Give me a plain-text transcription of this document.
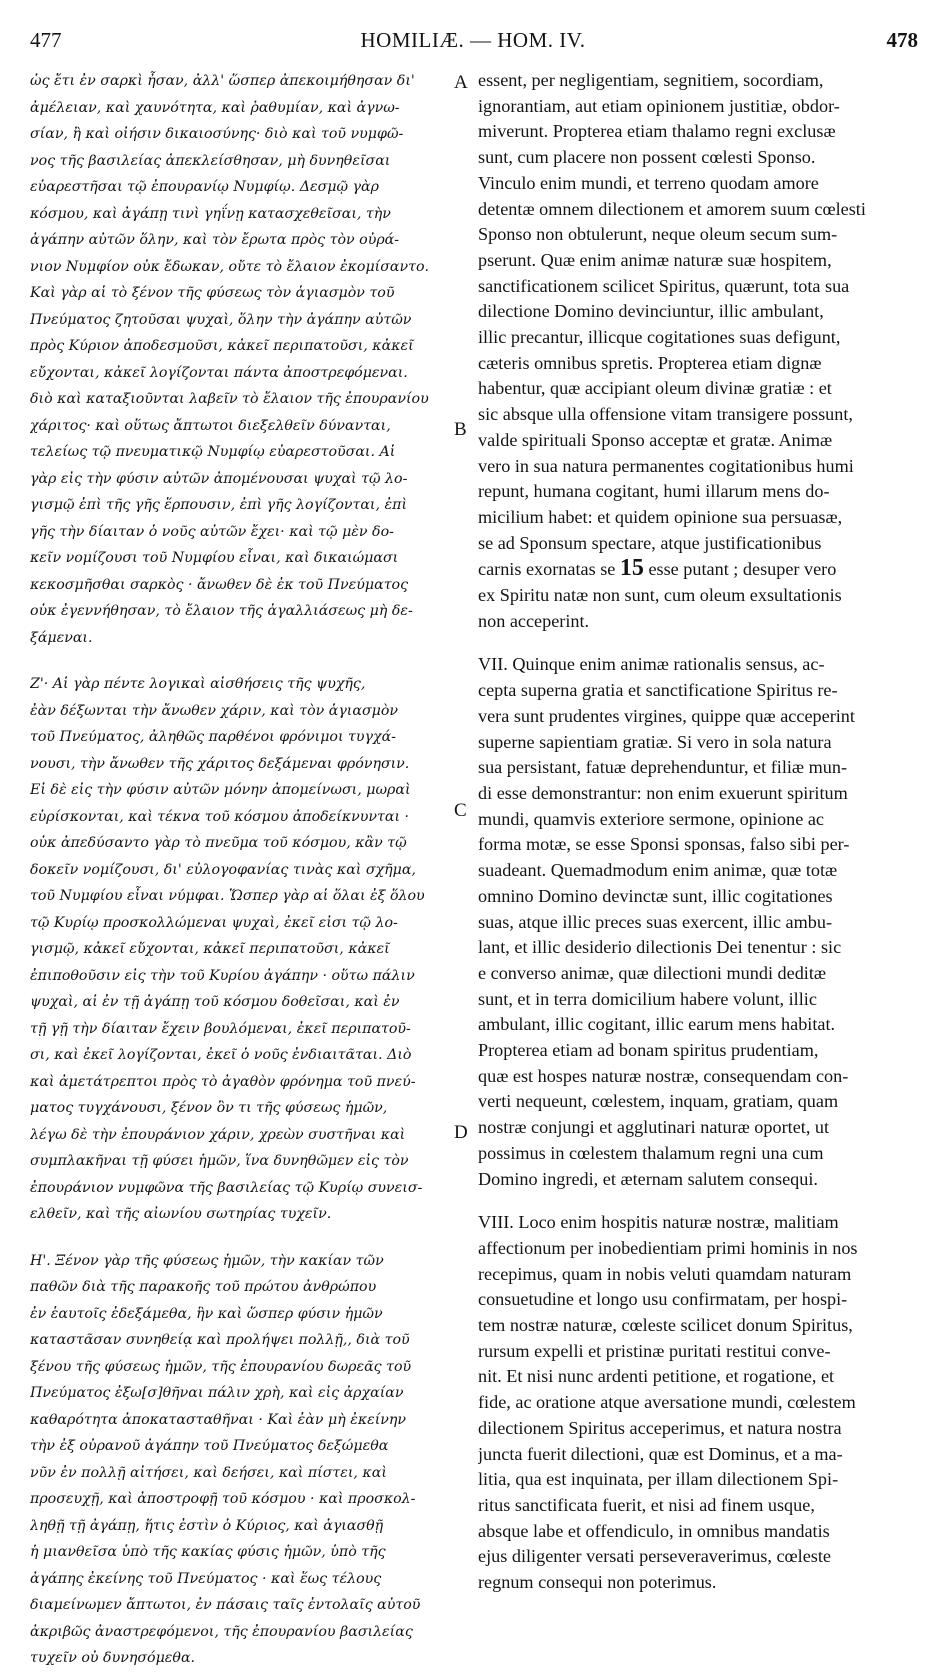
477	HOMILIÆ. — HOM. IV.	478
A
B
C
D
ὡς ἔτι ἐν σαρκὶ ἦσαν, ἀλλ' ὥσπερ ἀπεκοιμήθησαν δι'
ἀμέλειαν, καὶ χαυνότητα, καὶ ῥαθυμίαν, καὶ ἀγνω-
σίαν, ἢ καὶ οἰήσιν δικαιοσύνης· διὸ καὶ τοῦ νυμφῶ-
νος τῆς βασιλείας ἀπεκλείσθησαν, μὴ δυνηθεῖσαι
εὐαρεστῆσαι τῷ ἐπουρανίῳ Νυμφίῳ. Δεσμῷ γὰρ
κόσμου, καὶ ἀγάπῃ τινὶ γηΐνῃ κατασχεθεῖσαι, τὴν
ἀγάπην αὐτῶν ὅλην, καὶ τὸν ἔρωτα πρὸς τὸν οὐρά-
νιον Νυμφίον οὐκ ἔδωκαν, οὔτε τὸ ἔλαιον ἐκομίσαντο.
Καὶ γὰρ αἱ τὸ ξένον τῆς φύσεως τὸν ἁγιασμὸν τοῦ
Πνεύματος ζητοῦσαι ψυχαὶ, ὅλην τὴν ἀγάπην αὐτῶν
πρὸς Κύριον ἀποδεσμοῦσι, κἀκεῖ περιπατοῦσι, κἀκεῖ
εὔχονται, κἀκεῖ λογίζονται πάντα ἀποστρεφόμεναι.
διὸ καὶ καταξιοῦνται λαβεῖν τὸ ἔλαιον τῆς ἐπουρανίου
χάριτος· καὶ οὕτως ἄπτωτοι διεξελθεῖν δύνανται,
τελείως τῷ πνευματικῷ Νυμφίῳ εὐαρεστοῦσαι. Αἱ
γὰρ εἰς τὴν φύσιν αὐτῶν ἀπομένουσαι ψυχαὶ τῷ λο-
γισμῷ ἐπὶ τῆς γῆς ἕρπουσιν, ἐπὶ γῆς λογίζονται, ἐπὶ
γῆς τὴν δίαιταν ὁ νοῦς αὐτῶν ἔχει· καὶ τῷ μὲν δο-
κεῖν νομίζουσι τοῦ Νυμφίου εἶναι, καὶ δικαιώμασι
κεκοσμῆσθαι σαρκὸς · ἄνωθεν δὲ ἐκ τοῦ Πνεύματος
οὐκ ἐγεννήθησαν, τὸ ἔλαιον τῆς ἀγαλλιάσεως μὴ δε-
ξάμεναι.
Ζ'· Αἱ γὰρ πέντε λογικαὶ αἰσθήσεις τῆς ψυχῆς,
ἐὰν δέξωνται τὴν ἄνωθεν χάριν, καὶ τὸν ἁγιασμὸν
τοῦ Πνεύματος, ἀληθῶς παρθένοι φρόνιμοι τυγχά-
νουσι, τὴν ἄνωθεν τῆς χάριτος δεξάμεναι φρόνησιν.
Εἰ δὲ εἰς τὴν φύσιν αὐτῶν μόνην ἀπομείνωσι, μωραὶ
εὑρίσκονται, καὶ τέκνα τοῦ κόσμου ἀποδείκνυνται ·
οὐκ ἀπεδύσαντο γὰρ τὸ πνεῦμα τοῦ κόσμου, κἂν τῷ
δοκεῖν νομίζουσι, δι' εὐλογοφανίας τινὰς καὶ σχῆμα,
τοῦ Νυμφίου εἶναι νύμφαι. Ὥσπερ γὰρ αἱ ὅλαι ἐξ ὅλου
τῷ Κυρίῳ προσκολλώμεναι ψυχαὶ, ἐκεῖ εἰσι τῷ λο-
γισμῷ, κἀκεῖ εὔχονται, κἀκεῖ περιπατοῦσι, κἀκεῖ
ἐπιποθοῦσιν εἰς τὴν τοῦ Κυρίου ἀγάπην · οὕτω πάλιν
ψυχαὶ, αἱ ἐν τῇ ἀγάπῃ τοῦ κόσμου δοθεῖσαι, καὶ ἐν
τῇ γῇ τὴν δίαιταν ἔχειν βουλόμεναι, ἐκεῖ περιπατοῦ-
σι, καὶ ἐκεῖ λογίζονται, ἐκεῖ ὁ νοῦς ἐνδιαιτᾶται. Διὸ
καὶ ἀμετάτρεπτοι πρὸς τὸ ἀγαθὸν φρόνημα τοῦ πνεύ-
ματος τυγχάνουσι, ξένον ὂν τι τῆς φύσεως ἡμῶν,
λέγω δὲ τὴν ἐπουράνιον χάριν, χρεὼν συστῆναι καὶ
συμπλακῆναι τῇ φύσει ἡμῶν, ἵνα δυνηθῶμεν εἰς τὸν
ἐπουράνιον νυμφῶνα τῆς βασιλείας τῷ Κυρίῳ συνεισ-
ελθεῖν, καὶ τῆς αἰωνίου σωτηρίας τυχεῖν.
Η'. Ξένον γὰρ τῆς φύσεως ἡμῶν, τὴν κακίαν τῶν
παθῶν διὰ τῆς παρακοῆς τοῦ πρώτου ἀνθρώπου
ἐν ἑαυτοῖς ἐδεξάμεθα, ἣν καὶ ὥσπερ φύσιν ἡμῶν
καταστᾶσαν συνηθείᾳ καὶ προλήψει πολλῇ,, διὰ τοῦ
ξένου τῆς φύσεως ἡμῶν, τῆς ἐπουρανίου δωρεᾶς τοῦ
Πνεύματος ἐξω[σ]θῆναι πάλιν χρὴ, καὶ εἰς ἀρχαίαν
καθαρότητα ἀποκατασταθῆναι · Καὶ ἐὰν μὴ ἐκείνην
τὴν ἐξ οὐρανοῦ ἀγάπην τοῦ Πνεύματος δεξώμεθα
νῦν ἐν πολλῇ αἰτήσει, καὶ δεήσει, καὶ πίστει, καὶ
προσευχῇ, καὶ ἀποστροφῇ τοῦ κόσμου · καὶ προσκολ-
ληθῇ τῇ ἀγάπῃ, ἥτις ἐστὶν ὁ Κύριος, καὶ ἁγιασθῇ
ἡ μιανθεῖσα ὑπὸ τῆς κακίας φύσις ἡμῶν, ὑπὸ τῆς
ἀγάπης ἐκείνης τοῦ Πνεύματος · καὶ ἕως τέλους
διαμείνωμεν ἄπτωτοι, ἐν πάσαις ταῖς ἐντολαῖς αὐτοῦ
ἀκριβῶς ἀναστρεφόμενοι, τῆς ἐπουρανίου βασιλείας
τυχεῖν οὐ δυνησόμεθα.
essent, per negligentiam, segnitiem, socordiam,
ignorantiam, aut etiam opinionem justitiæ, obdor-
miverunt. Propterea etiam thalamo regni exclusæ
sunt, cum placere non possent cœlesti Sponso.
Vinculo enim mundi, et terreno quodam amore
detentæ omnem dilectionem et amorem suum cœlesti
Sponso non obtulerunt, neque oleum secum sum-
pserunt. Quæ enim animæ naturæ suæ hospitem,
sanctificationem scilicet Spiritus, quærunt, tota sua
dilectione Domino devinciuntur, illic ambulant,
illic precantur, illicque cogitationes suas defigunt,
cæteris omnibus spretis. Propterea etiam dignæ
habentur, quæ accipiant oleum divinæ gratiæ : et
sic absque ulla offensione vitam transigere possunt,
valde spirituali Sponso acceptæ et gratæ. Animæ
vero in sua natura permanentes cogitationibus humi
repunt, humana cogitant, humi illarum mens do-
micilium habet: et quidem opinione sua persuasæ,
se ad Sponsum spectare, atque justificationibus
carnis exornatas se 15 esse putant ; desuper vero
ex Spiritu natæ non sunt, cum oleum exsultationis
non acceperint.
VII. Quinque enim animæ rationalis sensus, ac-
cepta superna gratia et sanctificatione Spiritus re-
vera sunt prudentes virgines, quippe quæ acceperint
superne sapientiam gratiæ. Si vero in sola natura
sua persistant, fatuæ deprehenduntur, et filiæ mun-
di esse demonstrantur: non enim exuerunt spiritum
mundi, quamvis exteriore sermone, opinione ac
forma motæ, se esse Sponsi sponsas, falso sibi per-
suadeant. Quemadmodum enim animæ, quæ totæ
omnino Domino devinctæ sunt, illic cogitationes
suas, atque illic preces suas exercent, illic ambu-
lant, et illic desiderio dilectionis Dei tenentur : sic
e converso animæ, quæ dilectioni mundi deditæ
sunt, et in terra domicilium habere volunt, illic
ambulant, illic cogitant, illic earum mens habitat.
Propterea etiam ad bonam spiritus prudentiam,
quæ est hospes naturæ nostræ, consequendam con-
verti nequeunt, cœlestem, inquam, gratiam, quam
nostræ conjungi et agglutinari naturæ oportet, ut
possimus in cœlestem thalamum regni una cum
Domino ingredi, et æternam salutem consequi.
VIII. Loco enim hospitis naturæ nostræ, malitiam
affectionum per inobedientiam primi hominis in nos
recepimus, quam in nobis veluti quamdam naturam
consuetudine et longo usu confirmatam, per hospi-
tem nostræ naturæ, cœleste scilicet donum Spiritus,
rursum expelli et pristinæ puritati restitui conve-
nit. Et nisi nunc ardenti petitione, et rogatione, et
fide, ac oratione atque aversatione mundi, cœlestem
dilectionem Spiritus acceperimus, et natura nostra
juncta fuerit dilectioni, quæ est Dominus, et a ma-
litia, qua est inquinata, per illam dilectionem Spi-
ritus sanctificata fuerit, et nisi ad finem usque,
absque labe et offendiculo, in omnibus mandatis
ejus diligenter versati perseveraverimus, cœleste
regnum consequi non poterimus.
